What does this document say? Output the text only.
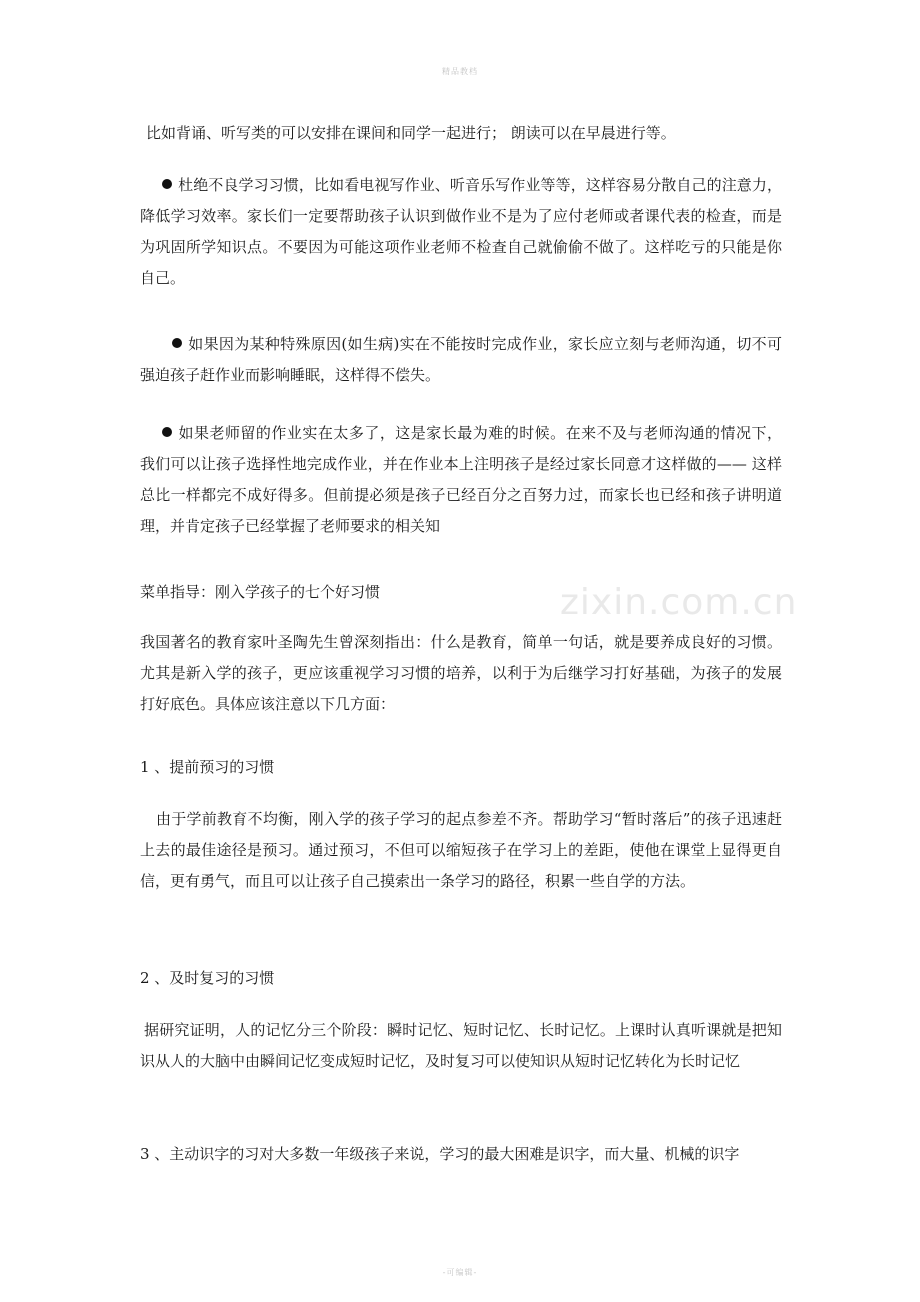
精品教档
zixin.com.cn
比如背诵、听写类的可以安排在课间和同学一起进行； 朗读可以在早晨进行等。
杜绝不良学习习惯，比如看电视写作业、听音乐写作业等等，这样容易分散自己的注意力，降低学习效率。家长们一定要帮助孩子认识到做作业不是为了应付老师或者课代表的检查，而是为巩固所学知识点。不要因为可能这项作业老师不检查自己就偷偷不做了。这样吃亏的只能是你自己。
如果因为某种特殊原因(如生病)实在不能按时完成作业，家长应立刻与老师沟通，切不可强迫孩子赶作业而影响睡眠，这样得不偿失。
如果老师留的作业实在太多了，这是家长最为难的时候。在来不及与老师沟通的情况下， 我们可以让孩子选择性地完成作业，并在作业本上注明孩子是经过家长同意才这样做的—— 这样总比一样都完不成好得多。但前提必须是孩子已经百分之百努力过，而家长也已经和孩子讲明道理，并肯定孩子已经掌握了老师要求的相关知
菜单指导：刚入学孩子的七个好习惯
我国著名的教育家叶圣陶先生曾深刻指出：什么是教育，简单一句话，就是要养成良好的习惯。尤其是新入学的孩子，更应该重视学习习惯的培养，以利于为后继学习打好基础，为孩子的发展打好底色。具体应该注意以下几方面：
1 、提前预习的习惯
由于学前教育不均衡，刚入学的孩子学习的起点参差不齐。帮助学习“暂时落后”的孩子迅速赶上去的最佳途径是预习。通过预习，不但可以缩短孩子在学习上的差距，使他在课堂上显得更自信，更有勇气，而且可以让孩子自己摸索出一条学习的路径，积累一些自学的方法。
2 、及时复习的习惯
据研究证明，人的记忆分三个阶段：瞬时记忆、短时记忆、长时记忆。上课时认真听课就是把知识从人的大脑中由瞬间记忆变成短时记忆，及时复习可以使知识从短时记忆转化为长时记忆
3 、主动识字的习对大多数一年级孩子来说，学习的最大困难是识字，而大量、机械的识字
-可编辑-
